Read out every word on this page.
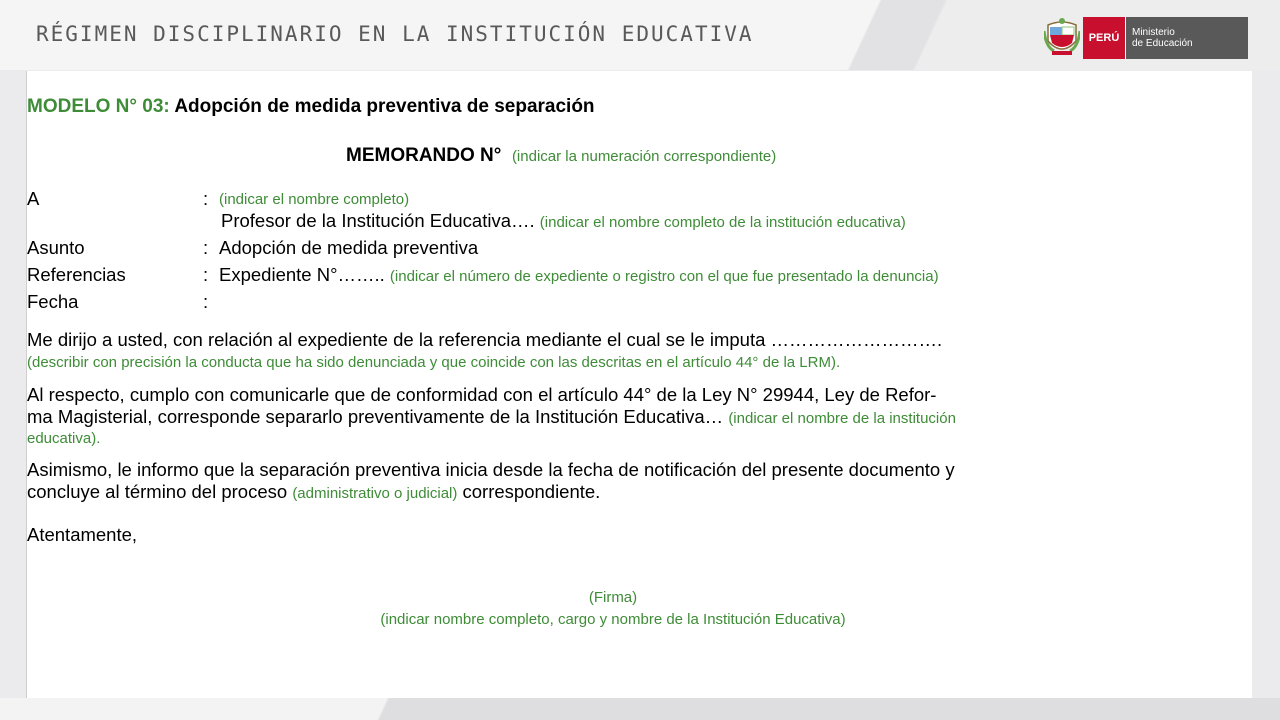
RÉGIMEN DISCIPLINARIO EN LA INSTITUCIÓN EDUCATIVA	PERÚ	Ministerio
de Educación
MODELO N° 03: Adopción de medida preventiva de separación
MEMORANDO N° (indicar la numeración correspondiente)
A	: (indicar el nombre completo)
Profesor de la Institución Educativa…. (indicar el nombre completo de la institución educativa)
Asunto	: Adopción de medida preventiva
Referencias	: Expediente N°…….. (indicar el número de expediente o registro con el que fue presentado la denuncia)
Fecha	:
Me dirijo a usted, con relación al expediente de la referencia mediante el cual se le imputa ……………………….
(describir con precisión la conducta que ha sido denunciada y que coincide con las descritas en el artículo 44° de la LRM).
Al respecto, cumplo con comunicarle que de conformidad con el artículo 44° de la Ley N° 29944, Ley de Refor-
ma Magisterial, corresponde separarlo preventivamente de la Institución Educativa… (indicar el nombre de la institución
educativa).
Asimismo, le informo que la separación preventiva inicia desde la fecha de notificación del presente documento y
concluye al término del proceso (administrativo o judicial) correspondiente.
Atentamente,
(Firma)
(indicar nombre completo, cargo y nombre de la Institución Educativa)
